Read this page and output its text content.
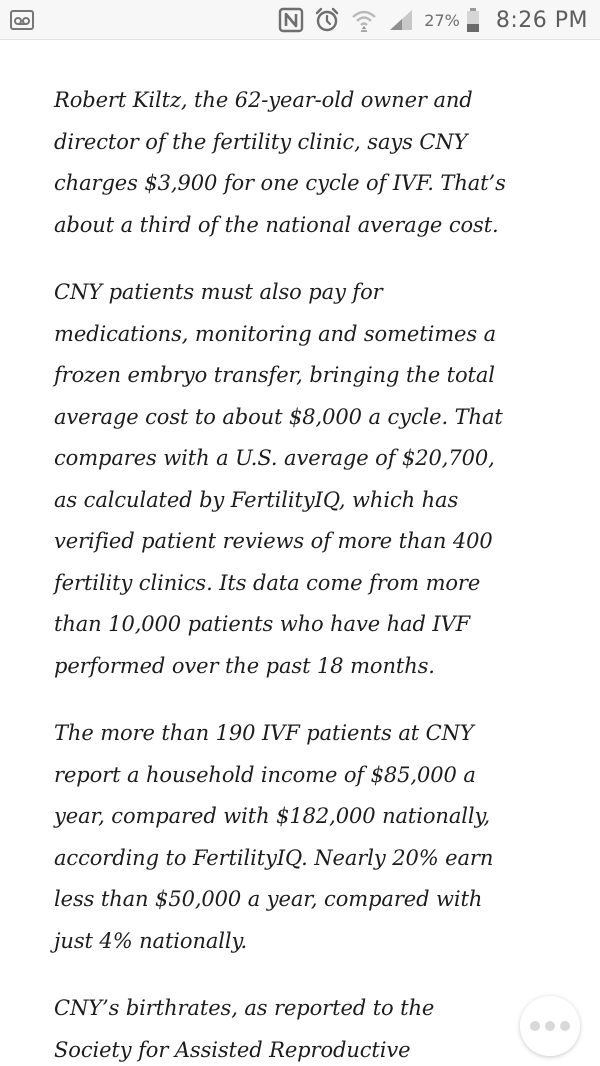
27% 8:26 PM

Robert Kiltz, the 62-year-old owner and
director of the fertility clinic, says CNY
charges $3,900 for one cycle of IVF. That’s
about a third of the national average cost.

CNY patients must also pay for
medications, monitoring and sometimes a
frozen embryo transfer, bringing the total
average cost to about $8,000 a cycle. That
compares with a U.S. average of $20,700,
as calculated by FertilityIQ, which has
verified patient reviews of more than 400
fertility clinics. Its data come from more
than 10,000 patients who have had IVF
performed over the past 18 months.

The more than 190 IVF patients at CNY
report a household income of $85,000 a
year, compared with $182,000 nationally,
according to FertilityIQ. Nearly 20% earn
less than $50,000 a year, compared with
just 4% nationally.

CNY’s birthrates, as reported to the
Society for Assisted Reproductive
